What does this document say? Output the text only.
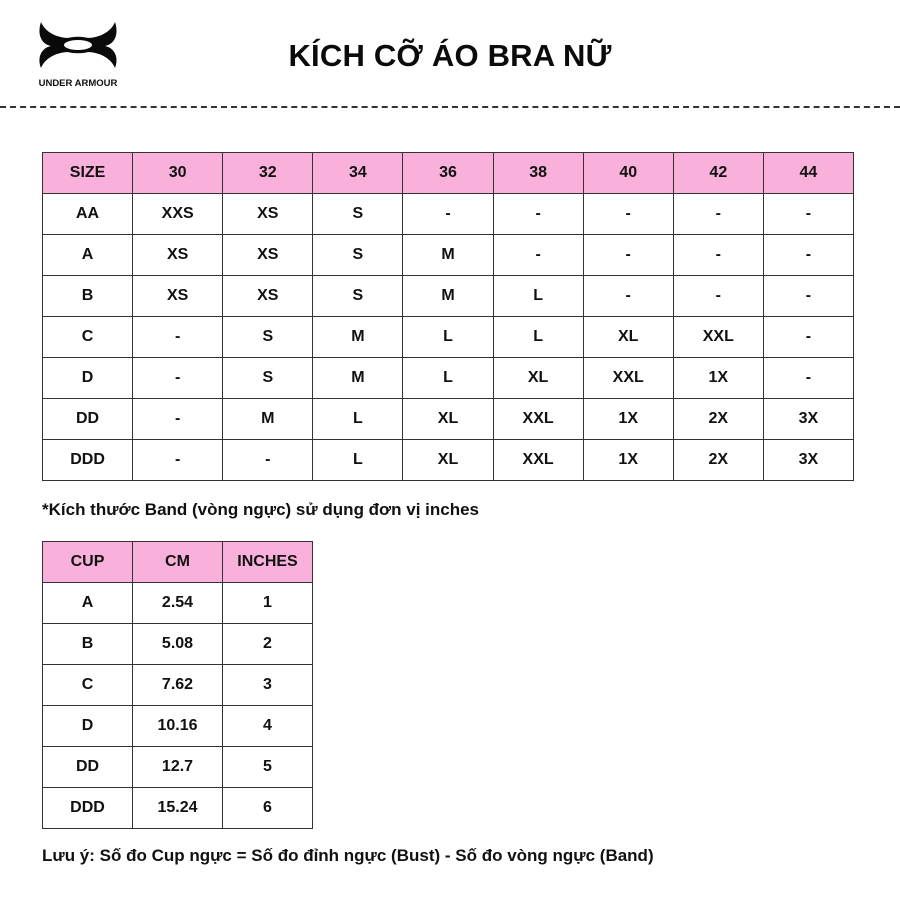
UNDER ARMOUR
KÍCH CỠ ÁO BRA NỮ
SIZE	30	32	34	36	38	40	42	44
AA	XXS	XS	S	-	-	-	-	-
A	XS	XS	S	M	-	-	-	-
B	XS	XS	S	M	L	-	-	-
C	-	S	M	L	L	XL	XXL	-
D	-	S	M	L	XL	XXL	1X	-
DD	-	M	L	XL	XXL	1X	2X	3X
DDD	-	-	L	XL	XXL	1X	2X	3X
*Kích thước Band (vòng ngực) sử dụng đơn vị inches
CUP	CM	INCHES
A	2.54	1
B	5.08	2
C	7.62	3
D	10.16	4
DD	12.7	5
DDD	15.24	6
Lưu ý: Số đo Cup ngực = Số đo đỉnh ngực (Bust) - Số đo vòng ngực (Band)
